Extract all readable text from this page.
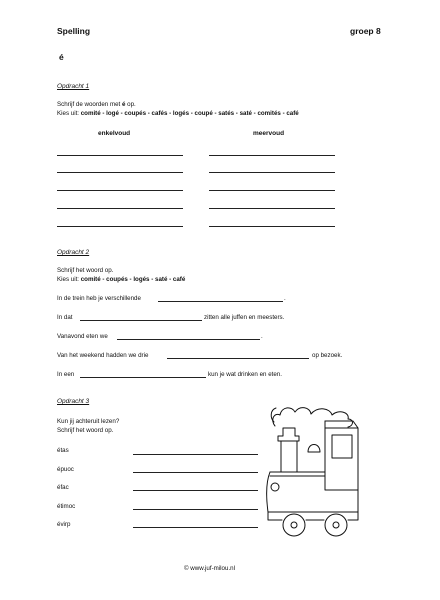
Spelling	groep 8
é
Opdracht 1
Schrijf de woorden met é op.
Kies uit: comité - logé - coupés - cafés - logés - coupé - satés - saté - comités - café
enkelvoud	meervoud
Opdracht 2
Schrijf het woord op.
Kies uit: comité - coupés - logés - saté - café
In de trein heb je verschillende	.
In dat	zitten alle juffen en meesters.
Vanavond eten we	.
Van het weekend hadden we drie	op bezoek.
In een	kun je wat drinken en eten.
Opdracht 3
Kun jij achteruit lezen?
Schrijf het woord op.
étas
épuoc
éfac
étimoc
évirp
© www.juf-milou.nl
